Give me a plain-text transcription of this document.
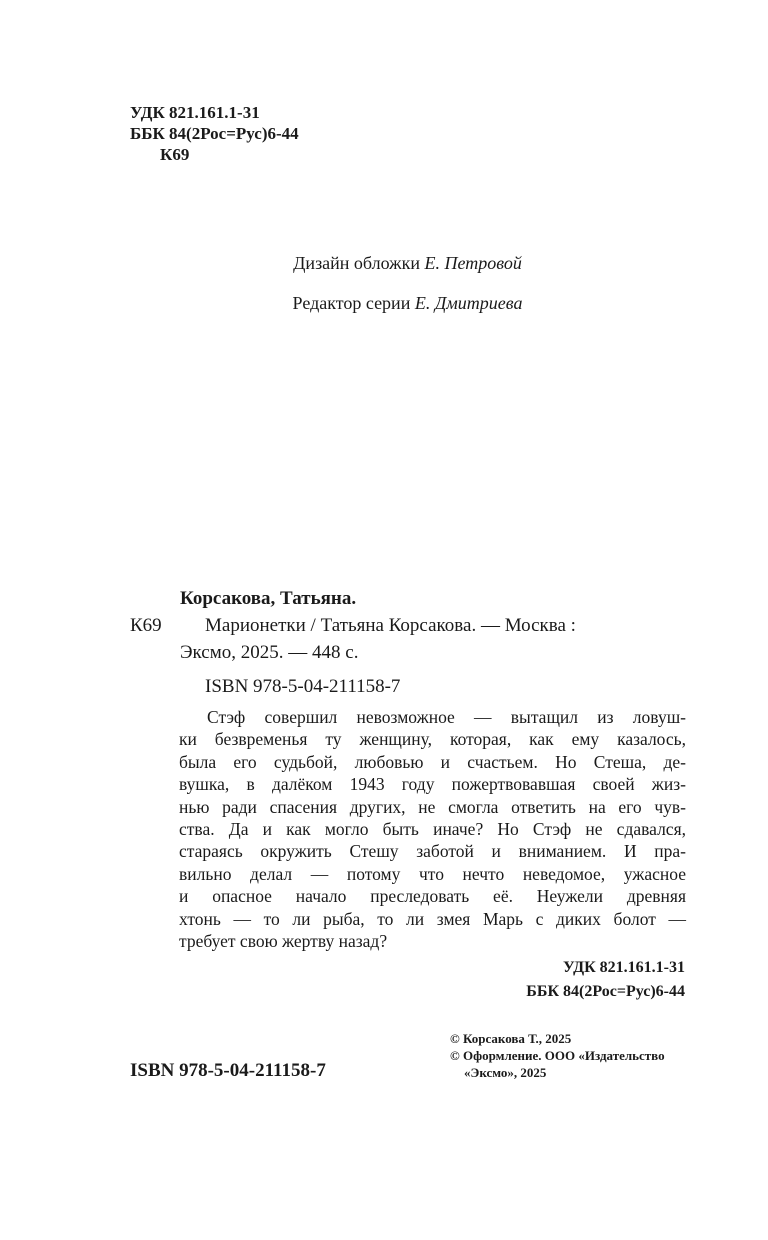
УДК 821.161.1-31
ББК 84(2Рос=Рус)6-44
К69
Дизайн обложки Е. Петровой
Редактор серии Е. Дмитриева
Корсакова, Татьяна.
К69 Марионетки / Татьяна Корсакова. — Москва :
Эксмо, 2025. — 448 с.
ISBN 978-5-04-211158-7
Стэф совершил невозможное — вытащил из ловуш-
ки безвременья ту женщину, которая, как ему казалось,
была его судьбой, любовью и счастьем. Но Стеша, де-
вушка, в далёком 1943 году пожертвовавшая своей жиз-
нью ради спасения других, не смогла ответить на его чув-
ства. Да и как могло быть иначе? Но Стэф не сдавался,
стараясь окружить Стешу заботой и вниманием. И пра-
вильно делал — потому что нечто неведомое, ужасное
и опасное начало преследовать её. Неужели древняя
хтонь — то ли рыба, то ли змея Марь с диких болот —
требует свою жертву назад?
УДК 821.161.1-31
ББК 84(2Рос=Рус)6-44
© Корсакова Т., 2025
© Оформление. ООО «Издательство
«Эксмо», 2025
ISBN 978-5-04-211158-7
